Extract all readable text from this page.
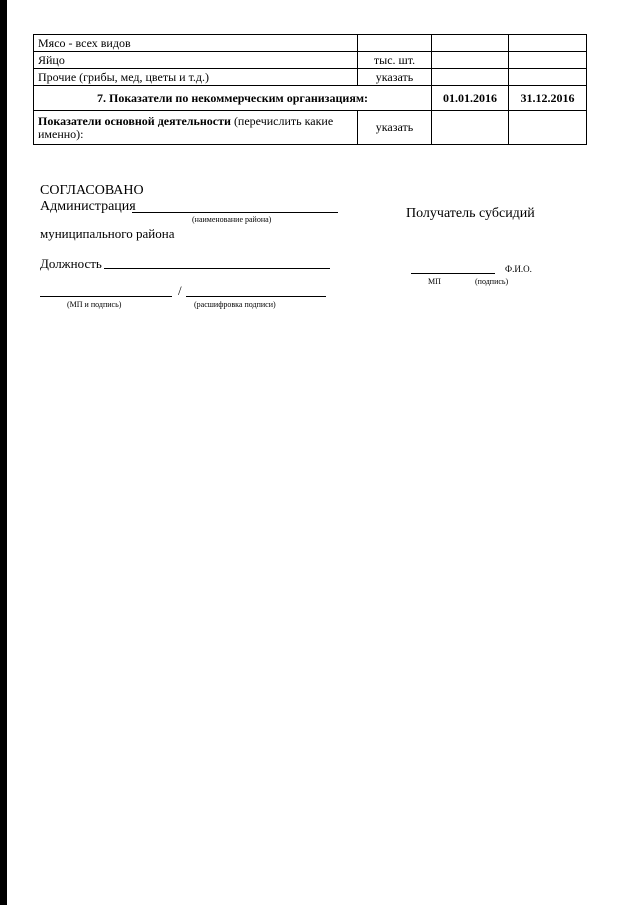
Мясо - всех видов			
Яйцо	тыс. шт.		
Прочие (грибы, мед, цветы и т.д.)	указать		
7. Показатели по некоммерческим организациям:		01.01.2016	31.12.2016
Показатели основной деятельности (перечислить какие именно):	указать		
СОГЛАСОВАНО
Администрация
(наименование района)
муниципального района
Должность
/
(МП и подпись)	(расшифровка подписи)
Получатель субсидий
Ф.И.О.
МП	(подпись)
